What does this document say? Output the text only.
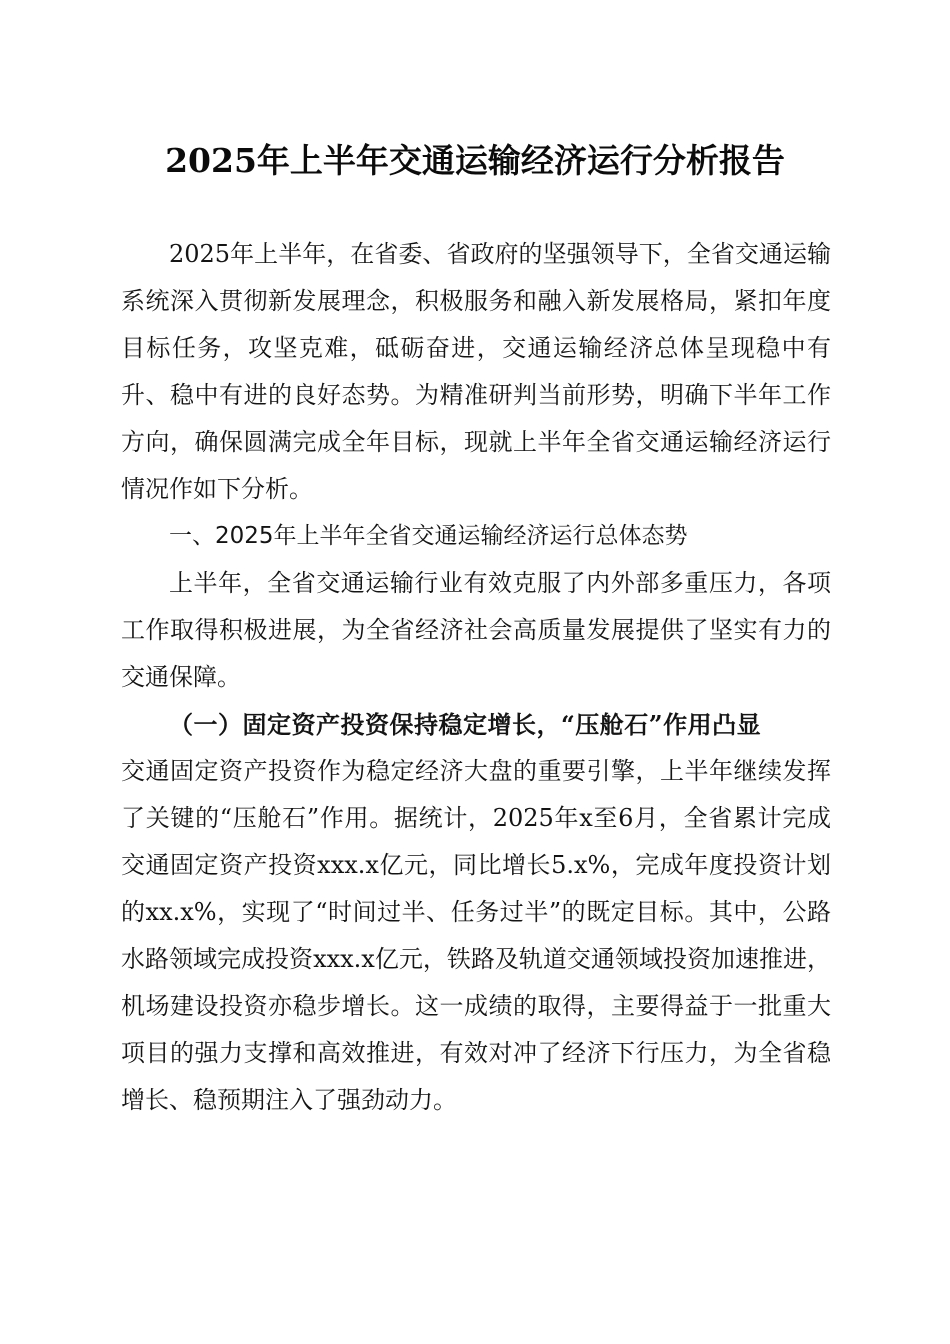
2025年上半年交通运输经济运行分析报告

2025年上半年，在省委、省政府的坚强领导下，全省交通运输系统深入贯彻新发展理念，积极服务和融入新发展格局，紧扣年度目标任务，攻坚克难，砥砺奋进，交通运输经济总体呈现稳中有升、稳中有进的良好态势。为精准研判当前形势，明确下半年工作方向，确保圆满完成全年目标，现就上半年全省交通运输经济运行情况作如下分析。

一、2025年上半年全省交通运输经济运行总体态势

上半年，全省交通运输行业有效克服了内外部多重压力，各项工作取得积极进展，为全省经济社会高质量发展提供了坚实有力的交通保障。

（一）固定资产投资保持稳定增长，“压舱石”作用凸显

交通固定资产投资作为稳定经济大盘的重要引擎，上半年继续发挥了关键的“压舱石”作用。据统计，2025年x至6月，全省累计完成交通固定资产投资xxx.x亿元，同比增长5.x%，完成年度投资计划的xx.x%，实现了“时间过半、任务过半”的既定目标。其中，公路水路领域完成投资xxx.x亿元，铁路及轨道交通领域投资加速推进，机场建设投资亦稳步增长。这一成绩的取得，主要得益于一批重大项目的强力支撑和高效推进，有效对冲了经济下行压力，为全省稳增长、稳预期注入了强劲动力。
